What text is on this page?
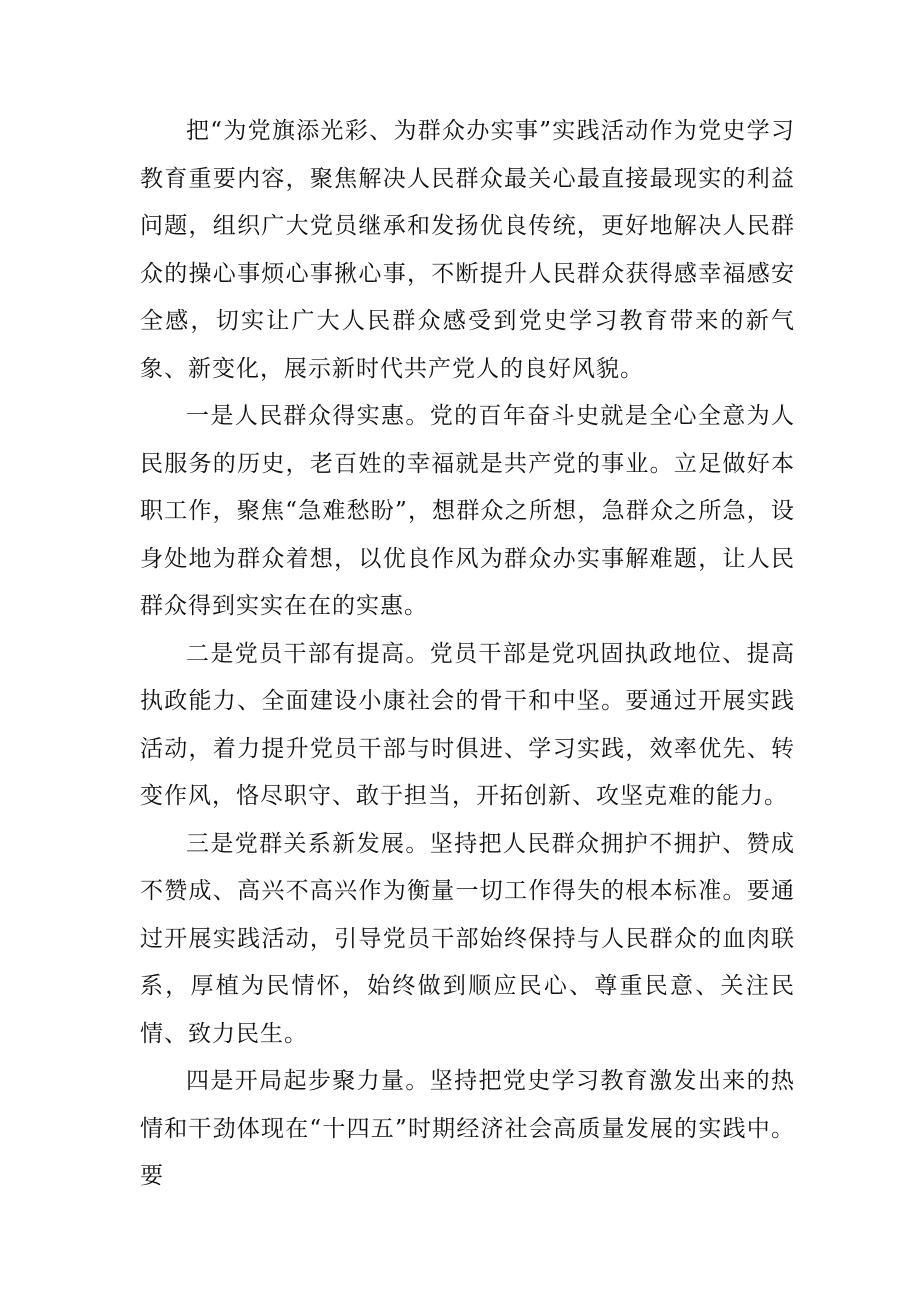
把“为党旗添光彩、为群众办实事”实践活动作为党史学习教育重要内容，聚焦解决人民群众最关心最直接最现实的利益问题，组织广大党员继承和发扬优良传统，更好地解决人民群众的操心事烦心事揪心事，不断提升人民群众获得感幸福感安全感，切实让广大人民群众感受到党史学习教育带来的新气象、新变化，展示新时代共产党人的良好风貌。

一是人民群众得实惠。党的百年奋斗史就是全心全意为人民服务的历史，老百姓的幸福就是共产党的事业。立足做好本职工作，聚焦“急难愁盼”，想群众之所想，急群众之所急，设身处地为群众着想，以优良作风为群众办实事解难题，让人民群众得到实实在在的实惠。

二是党员干部有提高。党员干部是党巩固执政地位、提高执政能力、全面建设小康社会的骨干和中坚。要通过开展实践活动，着力提升党员干部与时俱进、学习实践，效率优先、转变作风，恪尽职守、敢于担当，开拓创新、攻坚克难的能力。

三是党群关系新发展。坚持把人民群众拥护不拥护、赞成不赞成、高兴不高兴作为衡量一切工作得失的根本标准。要通过开展实践活动，引导党员干部始终保持与人民群众的血肉联系，厚植为民情怀，始终做到顺应民心、尊重民意、关注民情、致力民生。

四是开局起步聚力量。坚持把党史学习教育激发出来的热情和干劲体现在“十四五”时期经济社会高质量发展的实践中。要
